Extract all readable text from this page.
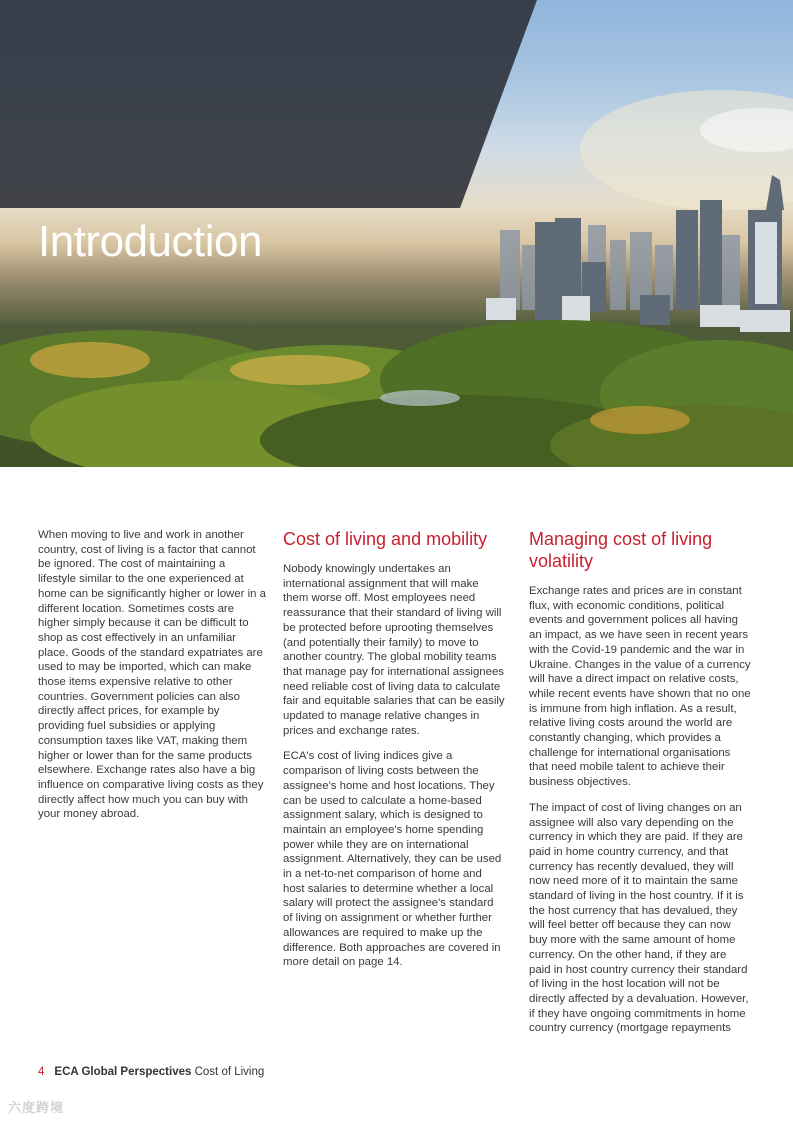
Introduction

When moving to live and work in another country, cost of living is a factor that cannot be ignored. The cost of maintaining a lifestyle similar to the one experienced at home can be significantly higher or lower in a different location. Sometimes costs are higher simply because it can be difficult to shop as cost effectively in an unfamiliar place. Goods of the standard expatriates are used to may be imported, which can make those items expensive relative to other countries. Government policies can also directly affect prices, for example by providing fuel subsidies or applying consumption taxes like VAT, making them higher or lower than for the same products elsewhere. Exchange rates also have a big influence on comparative living costs as they directly affect how much you can buy with your money abroad.

Cost of living and mobility

Nobody knowingly undertakes an international assignment that will make them worse off. Most employees need reassurance that their standard of living will be protected before uprooting themselves (and potentially their family) to move to another country. The global mobility teams that manage pay for international assignees need reliable cost of living data to calculate fair and equitable salaries that can be easily updated to manage relative changes in prices and exchange rates.

ECA's cost of living indices give a comparison of living costs between the assignee's home and host locations. They can be used to calculate a home-based assignment salary, which is designed to maintain an employee's home spending power while they are on international assignment. Alternatively, they can be used in a net-to-net comparison of home and host salaries to determine whether a local salary will protect the assignee's standard of living on assignment or whether further allowances are required to make up the difference. Both approaches are covered in more detail on page 14.

Managing cost of living volatility

Exchange rates and prices are in constant flux, with economic conditions, political events and government polices all having an impact, as we have seen in recent years with the Covid-19 pandemic and the war in Ukraine. Changes in the value of a currency will have a direct impact on relative costs, while recent events have shown that no one is immune from high inflation. As a result, relative living costs around the world are constantly changing, which provides a challenge for international organisations that need mobile talent to achieve their business objectives.

The impact of cost of living changes on an assignee will also vary depending on the currency in which they are paid. If they are paid in home country currency, and that currency has recently devalued, they will now need more of it to maintain the same standard of living in the host country. If it is the host currency that has devalued, they will feel better off because they can now buy more with the same amount of home currency. On the other hand, if they are paid in host country currency their standard of living in the host location will not be directly affected by a devaluation. However, if they have ongoing commitments in home country currency (mortgage repayments

4 ECA Global Perspectives Cost of Living
六度跨境
